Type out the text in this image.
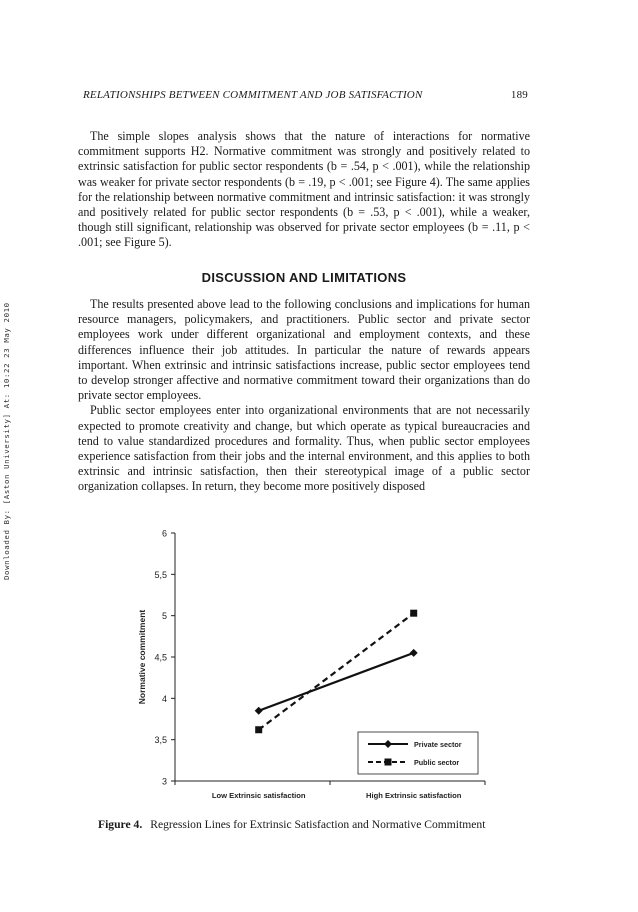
Downloaded By: [Aston University] At: 10:22 23 May 2010
RELATIONSHIPS BETWEEN COMMITMENT AND JOB SATISFACTION	189

The simple slopes analysis shows that the nature of interactions for normative commitment supports H2. Normative commitment was strongly and positively related to extrinsic satisfaction for public sector respondents (b = .54, p < .001), while the relationship was weaker for private sector respondents (b = .19, p < .001; see Figure 4). The same applies for the relationship between normative commitment and intrinsic satisfaction: it was strongly and positively related for public sector respondents (b = .53, p < .001), while a weaker, though still significant, relationship was observed for private sector employees (b = .11, p < .001; see Figure 5).

DISCUSSION AND LIMITATIONS

The results presented above lead to the following conclusions and implications for human resource managers, policymakers, and practitioners. Public sector and private sector employees work under different organizational and employment contexts, and these differences influence their job attitudes. In particular the nature of rewards appears important. When extrinsic and intrinsic satisfactions increase, public sector employees tend to develop stronger affective and normative commitment toward their organizations than do private sector employees.

Public sector employees enter into organizational environments that are not necessarily expected to promote creativity and change, but which operate as typical bureaucracies and tend to value standardized procedures and formality. Thus, when public sector employees experience satisfaction from their jobs and the internal environment, and this applies to both extrinsic and intrinsic satisfaction, then their stereotypical image of a public sector organization collapses. In return, they become more positively disposed

3
3,5
4
4,5
5
5,5
6
Low Extrinsic satisfaction	High Extrinsic satisfaction
Normative commitment
Private sector
Public sector
Figure 4. Regression Lines for Extrinsic Satisfaction and Normative Commitment
